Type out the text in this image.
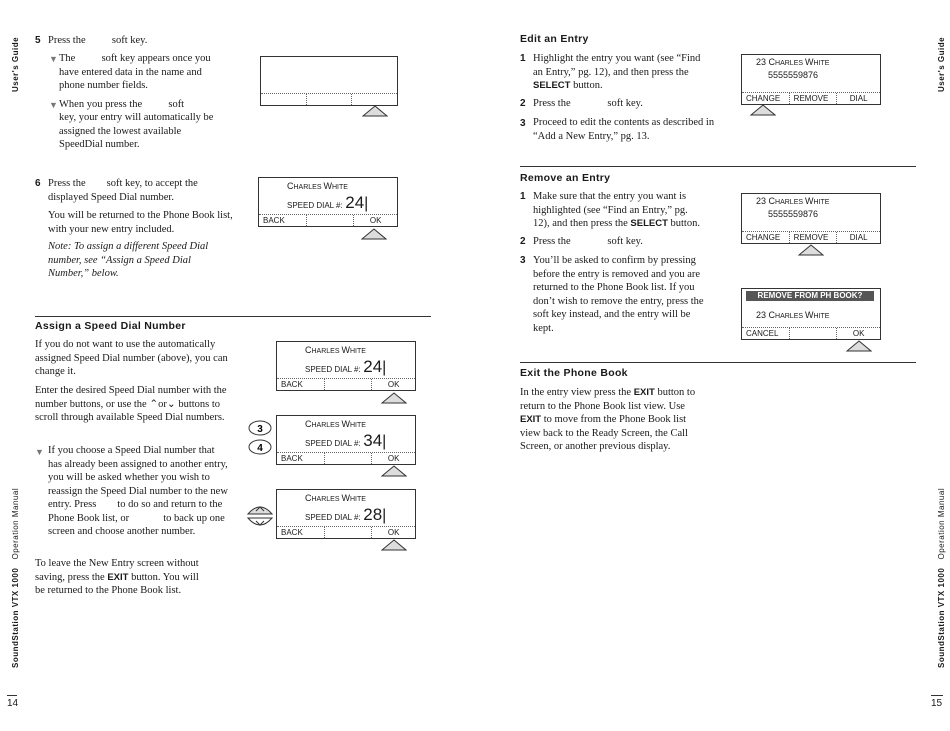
User's Guide
SoundStation VTX 1000   Operation Manual
14
User's Guide
SoundStation VTX 1000   Operation Manual
15
5 Press the          soft key.
▼ The          soft key appears once you have entered data in the name and phone number fields.
▼ When you press the          soft
key, your entry will automatically be assigned the lowest available SpeedDial number.
6 Press the        soft key, to accept the displayed Speed Dial number.
You will be returned to the Phone Book list, with your new entry included.
Note: To assign a different Speed Dial number, see “Assign a Speed Dial Number,” below.
CHARLES WHITE
SPEED DIAL #: 24|
BACK	OK
Assign a Speed Dial Number
If you do not want to use the automatically assigned Speed Dial number (above), you can change it.
Enter the desired Speed Dial number with the number buttons, or use the ⌃or⌄ buttons to scroll through available Speed Dial numbers.
▼ If you choose a Speed Dial number that has already been assigned to another entry, you will be asked whether you wish to reassign the Speed Dial number to the new entry. Press        to do so and return to the Phone Book list, or             to back up one screen and choose another number.
To leave the New Entry screen without saving, press the EXIT button. You will be returned to the Phone Book list.
CHARLES WHITE
SPEED DIAL #: 24|
BACK	OK
3
4
CHARLES WHITE
SPEED DIAL #: 34|
BACK	OK
CHARLES WHITE
SPEED DIAL #: 28|
BACK	OK
Edit an Entry
1 Highlight the entry you want (see “Find an Entry,” pg. 12), and then press the SELECT button.
2 Press the              soft key.
3 Proceed to edit the contents as described in “Add a New Entry,” pg. 13.
23 CHARLES WHITE
5555559876
CHANGE	REMOVE	DIAL
Remove an Entry
1 Make sure that the entry you want is highlighted (see “Find an Entry,” pg. 12), and then press the SELECT button.
2 Press the              soft key.
3 You’ll be asked to confirm by pressing        before the entry is removed and you are returned to the Phone Book list. If you don’t wish to remove the entry, press the              soft key instead, and the entry will be kept.
23 CHARLES WHITE
5555559876
CHANGE	REMOVE	DIAL
REMOVE FROM PH BOOK?
23 CHARLES WHITE
CANCEL	OK
Exit the Phone Book
In the entry view press the EXIT button to return to the Phone Book list view. Use EXIT to move from the Phone Book list view back to the Ready Screen, the Call Screen, or another previous display.
